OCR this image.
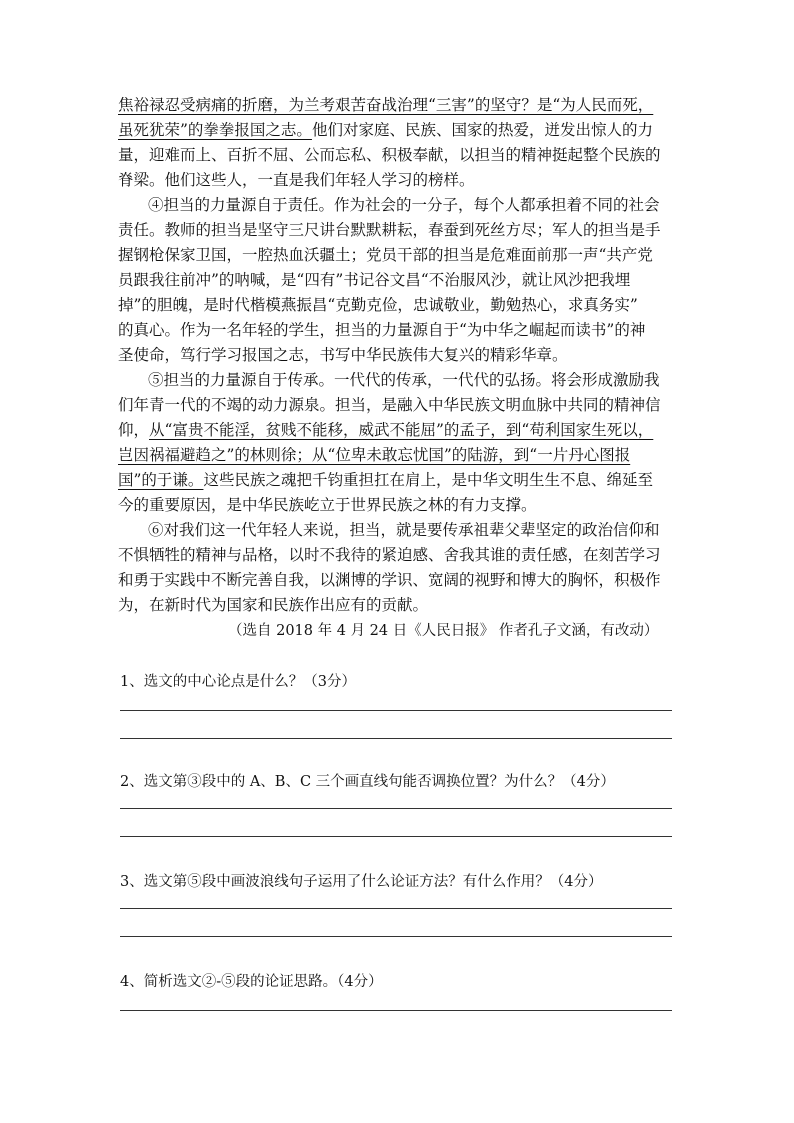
焦裕禄忍受病痛的折磨，为兰考艰苦奋战治理“三害”的坚守？是“为人民而死，
虽死犹荣”的拳拳报国之志。他们对家庭、民族、国家的热爱，迸发出惊人的力
量，迎难而上、百折不屈、公而忘私、积极奉献，以担当的精神挺起整个民族的
脊梁。他们这些人，一直是我们年轻人学习的榜样。
④担当的力量源自于责任。作为社会的一分子，每个人都承担着不同的社会
责任。教师的担当是坚守三尺讲台默默耕耘，春蚕到死丝方尽；军人的担当是手
握钢枪保家卫国，一腔热血沃疆土；党员干部的担当是危难面前那一声“共产党
员跟我往前冲”的呐喊，是“四有”书记谷文昌“不治服风沙，就让风沙把我埋
掉”的胆魄，是时代楷模燕振昌“克勤克俭，忠诚敬业，勤勉热心，求真务实”
的真心。作为一名年轻的学生，担当的力量源自于“为中华之崛起而读书”的神
圣使命，笃行学习报国之志，书写中华民族伟大复兴的精彩华章。
⑤担当的力量源自于传承。一代代的传承，一代代的弘扬。将会形成激励我
们年青一代的不竭的动力源泉。担当，是融入中华民族文明血脉中共同的精神信
仰，从“富贵不能淫，贫贱不能移，威武不能屈”的孟子，到“苟利国家生死以，
岂因祸福避趋之”的林则徐；从“位卑未敢忘忧国”的陆游，到“一片丹心图报
国”的于谦。这些民族之魂把千钧重担扛在肩上，是中华文明生生不息、绵延至
今的重要原因，是中华民族屹立于世界民族之林的有力支撑。
⑥对我们这一代年轻人来说，担当，就是要传承祖辈父辈坚定的政治信仰和
不惧牺牲的精神与品格，以时不我待的紧迫感、舍我其谁的责任感，在刻苦学习
和勇于实践中不断完善自我，以渊博的学识、宽阔的视野和博大的胸怀，积极作
为，在新时代为国家和民族作出应有的贡献。
（选自 2018 年 4 月 24 日《人民日报》 作者孔子文涵，有改动）
1、选文的中心论点是什么？（3分）
2、选文第③段中的 A、B、C 三个画直线句能否调换位置？为什么？（4分）
3、选文第⑤段中画波浪线句子运用了什么论证方法？有什么作用？（4分）
4、简析选文②-⑤段的论证思路。（4分）
